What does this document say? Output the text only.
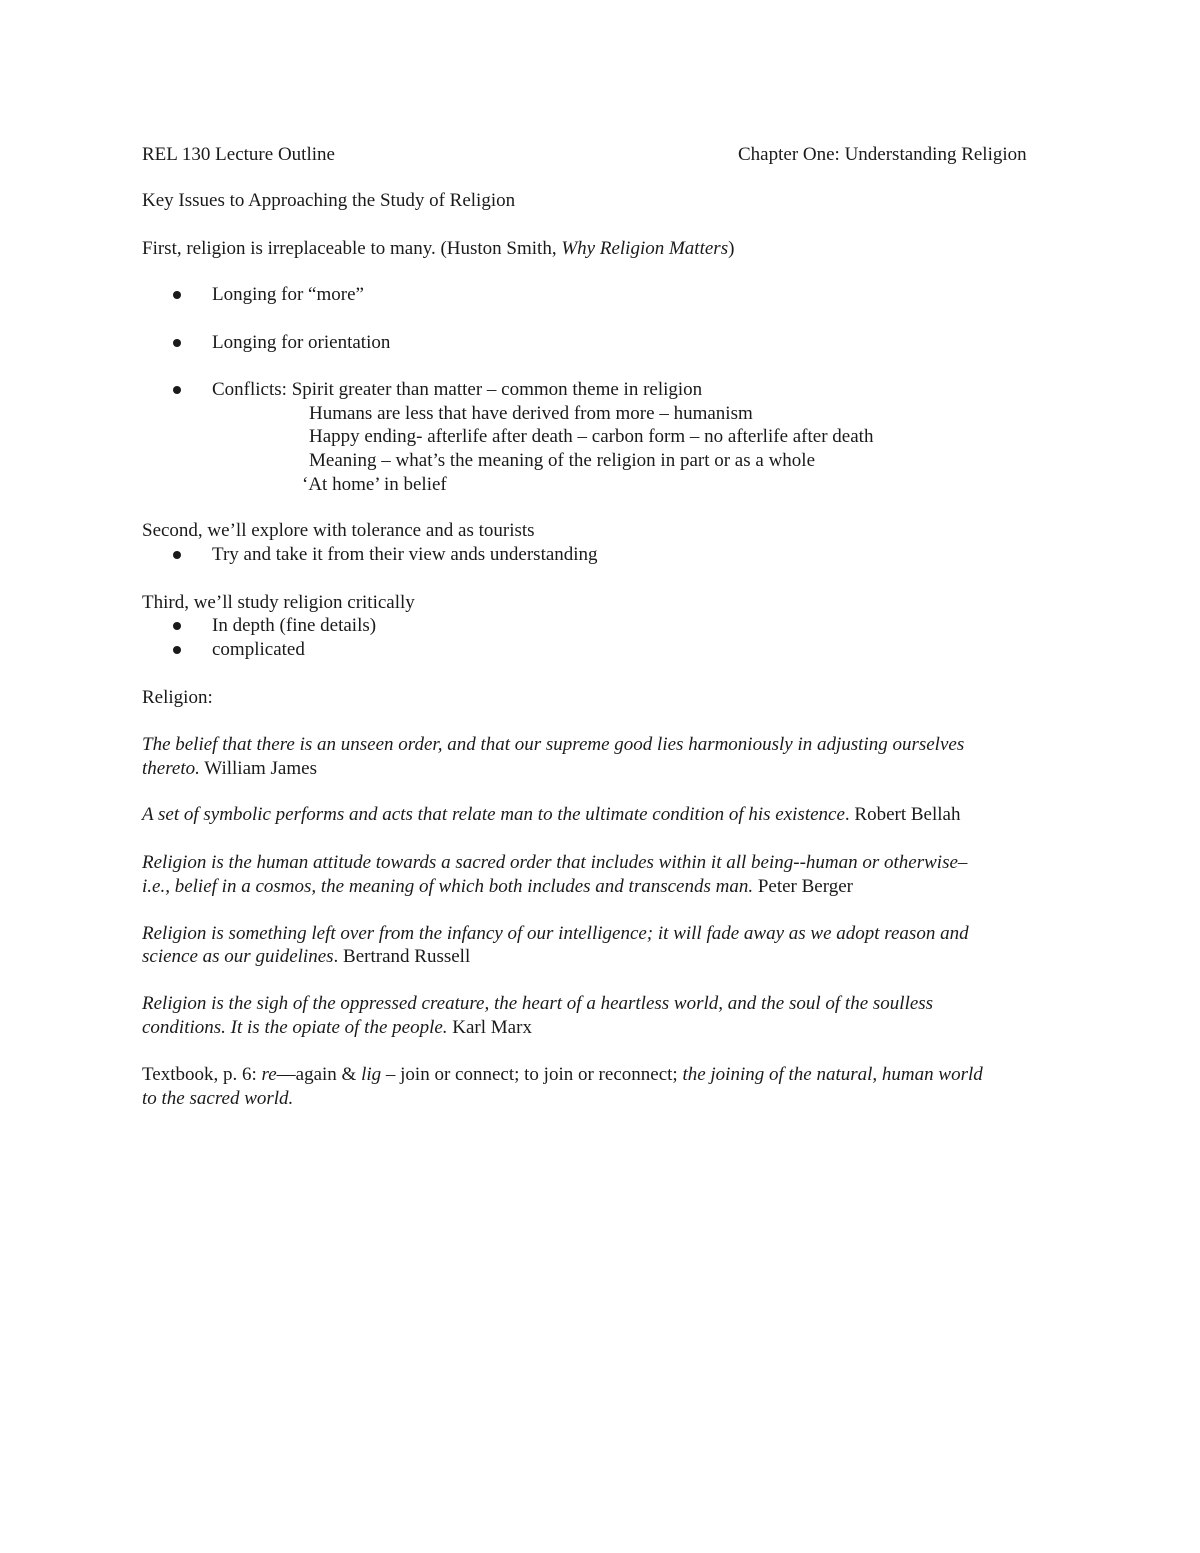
REL 130 Lecture Outline	Chapter One: Understanding Religion
Key Issues to Approaching the Study of Religion
First, religion is irreplaceable to many. (Huston Smith, Why Religion Matters)
Longing for “more”
Longing for orientation
Conflicts: Spirit greater than matter – common theme in religion
Humans are less that have derived from more – humanism
Happy ending- afterlife after death – carbon form – no afterlife after death
Meaning – what’s the meaning of the religion in part or as a whole
‘At home’ in belief
Second, we’ll explore with tolerance and as tourists
Try and take it from their view ands understanding
Third, we’ll study religion critically
In depth (fine details)
complicated
Religion:
The belief that there is an unseen order, and that our supreme good lies harmoniously in adjusting ourselves
thereto. William James
A set of symbolic performs and acts that relate man to the ultimate condition of his existence. Robert Bellah
Religion is the human attitude towards a sacred order that includes within it all being--human or otherwise–
i.e., belief in a cosmos, the meaning of which both includes and transcends man. Peter Berger
Religion is something left over from the infancy of our intelligence; it will fade away as we adopt reason and
science as our guidelines. Bertrand Russell
Religion is the sigh of the oppressed creature, the heart of a heartless world, and the soul of the soulless
conditions. It is the opiate of the people. Karl Marx
Textbook, p. 6: re—again & lig – join or connect; to join or reconnect; the joining of the natural, human world
to the sacred world.
